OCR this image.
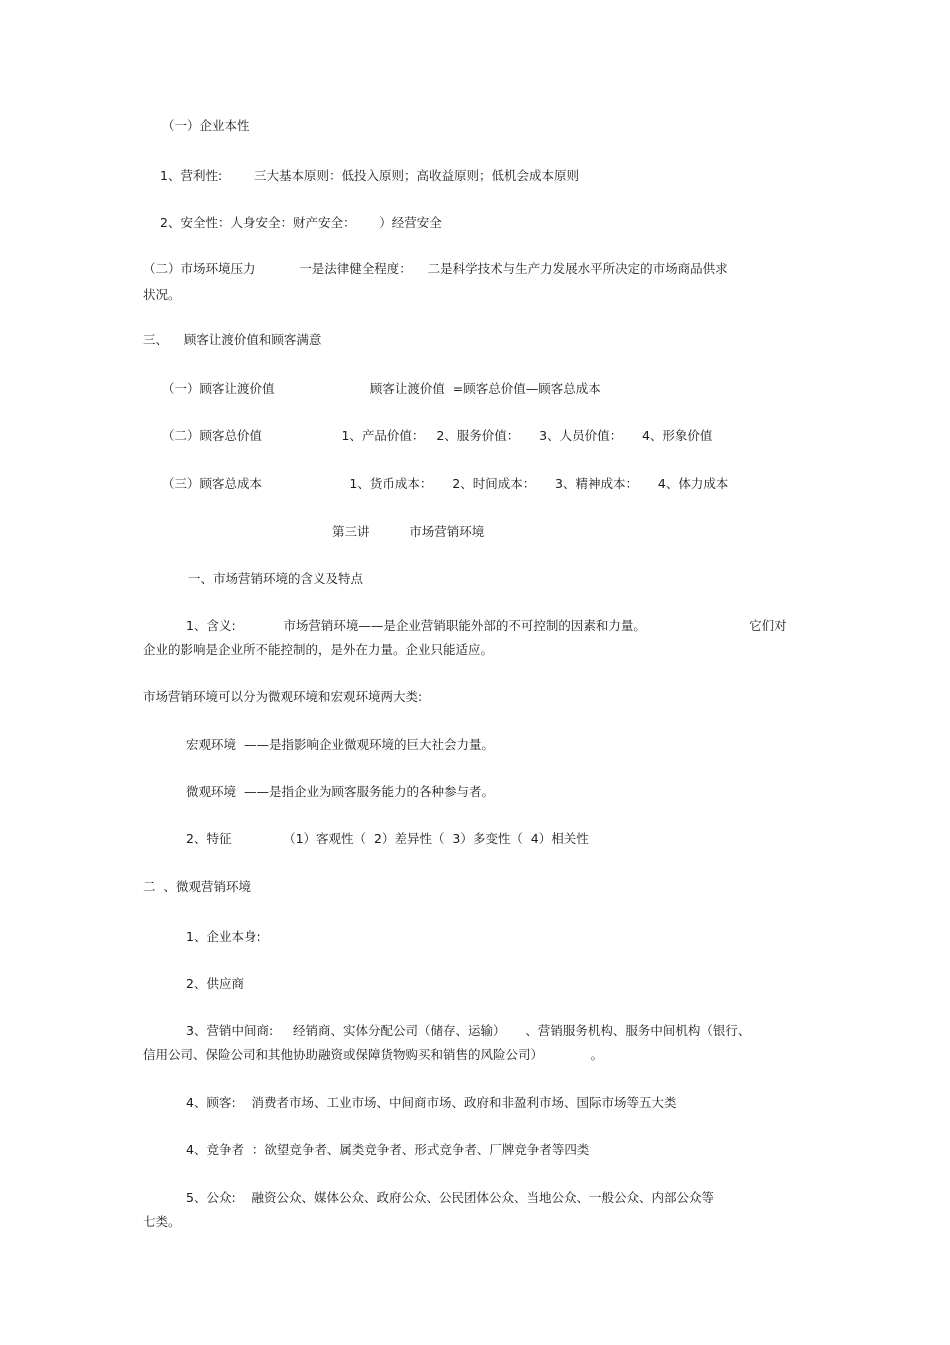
（一）企业本性
1、营利性:        三大基本原则：低投入原则；高收益原则；低机会成本原则
2、安全性：人身安全：财产安全：      ）经营安全
（二）市场环境压力           一是法律健全程度：    二是科学技术与生产力发展水平所决定的市场商品供求
状况。
三、    顾客让渡价值和顾客满意
（一）顾客让渡价值                        顾客让渡价值  =顾客总价值—顾客总成本
（二）顾客总价值                    1、产品价值：   2、服务价值：     3、人员价值：     4、形象价值
（三）顾客总成本                      1、货币成本：     2、时间成本：     3、精神成本：     4、体力成本
第三讲          市场营销环境
一、市场营销环境的含义及特点
1、含义:            市场营销环境——是企业营销职能外部的不可控制的因素和力量。                          它们对
企业的影响是企业所不能控制的，是外在力量。企业只能适应。
市场营销环境可以分为微观环境和宏观环境两大类:
宏观环境  ——是指影响企业微观环境的巨大社会力量。
微观环境  ——是指企业为顾客服务能力的各种参与者。
2、特征             （1）客观性（  2）差异性（  3）多变性（  4）相关性
二  、微观营销环境
1、企业本身:
2、供应商
3、营销中间商:     经销商、实体分配公司（储存、运输）     、营销服务机构、服务中间机构（银行、
信用公司、保险公司和其他协助融资或保障货物购买和销售的风险公司）            。
4、顾客:    消费者市场、工业市场、中间商市场、政府和非盈利市场、国际市场等五大类
4、竞争者  ：欲望竞争者、属类竞争者、形式竞争者、厂牌竞争者等四类
5、公众:    融资公众、媒体公众、政府公众、公民团体公众、当地公众、一般公众、内部公众等
七类。
